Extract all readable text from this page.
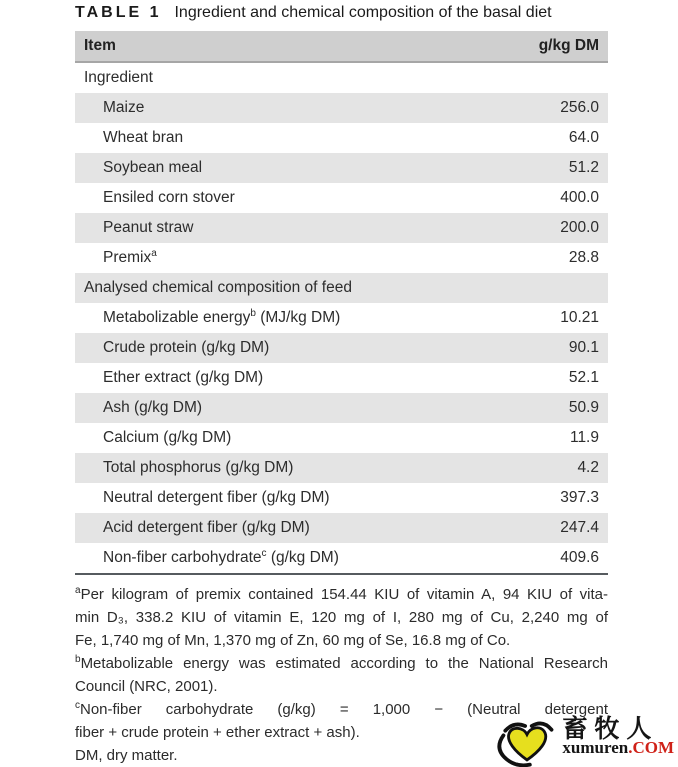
TABLE 1 Ingredient and chemical composition of the basal diet
Item	g/kg DM
Ingredient
Maize	256.0
Wheat bran	64.0
Soybean meal	51.2
Ensiled corn stover	400.0
Peanut straw	200.0
Premix$^a$	28.8
Analysed chemical composition of feed
Metabolizable energy$^b$ (MJ/kg DM)	10.21
Crude protein (g/kg DM)	90.1
Ether extract (g/kg DM)	52.1
Ash (g/kg DM)	50.9
Calcium (g/kg DM)	11.9
Total phosphorus (g/kg DM)	4.2
Neutral detergent fiber (g/kg DM)	397.3
Acid detergent fiber (g/kg DM)	247.4
Non-fiber carbohydrate$^c$ (g/kg DM)	409.6
$^a$Per kilogram of premix contained 154.44 KIU of vitamin A, 94 KIU of vita-
min D₃, 338.2 KIU of vitamin E, 120 mg of I, 280 mg of Cu, 2,240 mg of
Fe, 1,740 mg of Mn, 1,370 mg of Zn, 60 mg of Se, 16.8 mg of Co.
$^b$Metabolizable energy was estimated according to the National Research
Council (NRC, 2001).
$^c$Non-fiber carbohydrate (g/kg) = 1,000 − (Neutral detergent
fiber + crude protein + ether extract + ash).
DM, dry matter.
畜牧人
xumuren.COM
